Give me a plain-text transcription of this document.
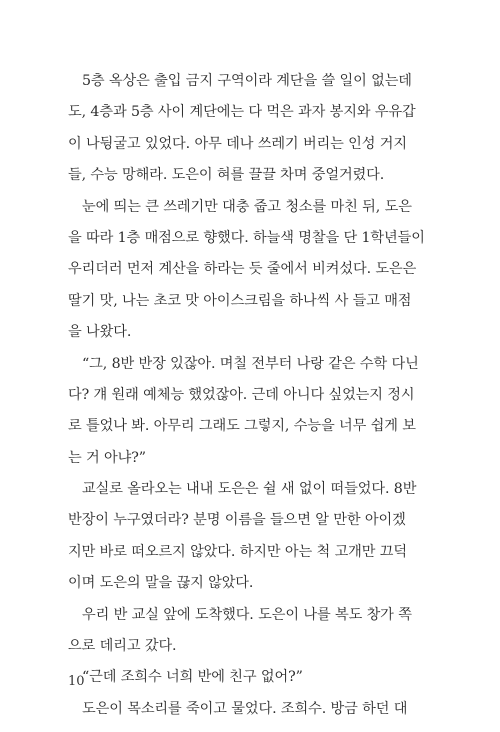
5층 옥상은 출입 금지 구역이라 계단을 쓸 일이 없는데
도, 4층과 5층 사이 계단에는 다 먹은 과자 봉지와 우유갑
이 나뒹굴고 있었다. 아무 데나 쓰레기 버리는 인성 거지
들, 수능 망해라. 도은이 혀를 끌끌 차며 중얼거렸다.
눈에 띄는 큰 쓰레기만 대충 줍고 청소를 마친 뒤, 도은
을 따라 1층 매점으로 향했다. 하늘색 명찰을 단 1학년들이
우리더러 먼저 계산을 하라는 듯 줄에서 비켜섰다. 도은은
딸기 맛, 나는 초코 맛 아이스크림을 하나씩 사 들고 매점
을 나왔다.
“그, 8반 반장 있잖아. 며칠 전부터 나랑 같은 수학 다닌
다? 걔 원래 예체능 했었잖아. 근데 아니다 싶었는지 정시
로 틀었나 봐. 아무리 그래도 그렇지, 수능을 너무 쉽게 보
는 거 아냐?”
교실로 올라오는 내내 도은은 쉴 새 없이 떠들었다. 8반
반장이 누구였더라? 분명 이름을 들으면 알 만한 아이겠
지만 바로 떠오르지 않았다. 하지만 아는 척 고개만 끄덕
이며 도은의 말을 끊지 않았다.
우리 반 교실 앞에 도착했다. 도은이 나를 복도 창가 쪽
으로 데리고 갔다.
“근데 조희수 너희 반에 친구 없어?”
도은이 목소리를 죽이고 물었다. 조희수. 방금 하던 대
10
